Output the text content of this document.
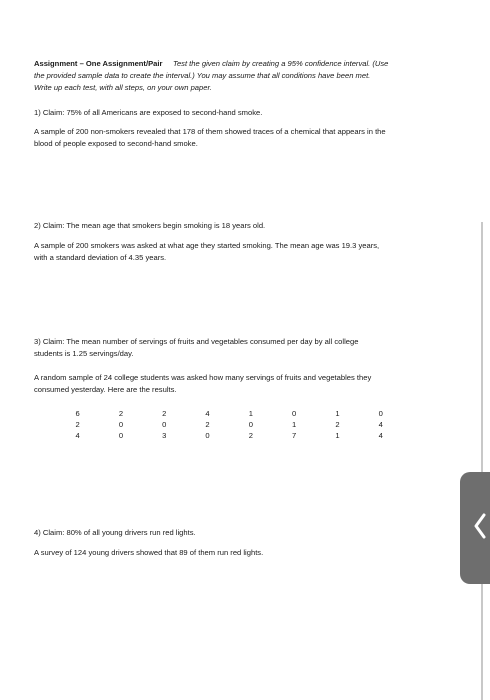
Assignment – One Assignment/Pair Test the given claim by creating a 95% confidence interval. (Use

the provided sample data to create the interval.) You may assume that all conditions have been met.

Write up each test, with all steps, on your own paper.

1) Claim: 75% of all Americans are exposed to second-hand smoke.

A sample of 200 non-smokers revealed that 178 of them showed traces of a chemical that appears in the

blood of people exposed to second-hand smoke.

2) Claim: The mean age that smokers begin smoking is 18 years old.

A sample of 200 smokers was asked at what age they started smoking. The mean age was 19.3 years,

with a standard deviation of 4.35 years.

3) Claim: The mean number of servings of fruits and vegetables consumed per day by all college

students is 1.25 servings/day.

A random sample of 24 college students was asked how many servings of fruits and vegetables they

consumed yesterday. Here are the results.

6	2	2	4	1	0	1	0
2	0	0	2	0	1	2	4
4	0	3	0	2	7	1	4

4) Claim: 80% of all young drivers run red lights.

A survey of 124 young drivers showed that 89 of them run red lights.
